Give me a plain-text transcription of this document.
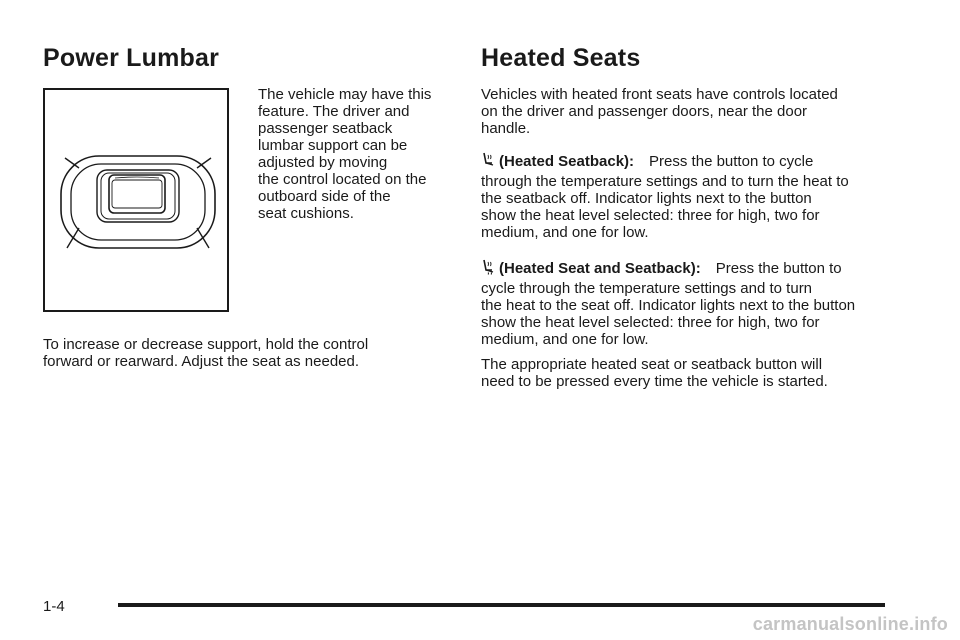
Power Lumbar

The vehicle may have this
feature. The driver and
passenger seatback
lumbar support can be
adjusted by moving
the control located on the
outboard side of the
seat cushions.

To increase or decrease support, hold the control
forward or rearward. Adjust the seat as needed.

Heated Seats

Vehicles with heated front seats have controls located
on the driver and passenger doors, near the door
handle.

(Heated Seatback):  Press the button to cycle
through the temperature settings and to turn the heat to
the seatback off. Indicator lights next to the button
show the heat level selected: three for high, two for
medium, and one for low.

(Heated Seat and Seatback):  Press the button to
cycle through the temperature settings and to turn
the heat to the seat off. Indicator lights next to the button
show the heat level selected: three for high, two for
medium, and one for low.

The appropriate heated seat or seatback button will
need to be pressed every time the vehicle is started.

1-4
carmanualsonline.info
